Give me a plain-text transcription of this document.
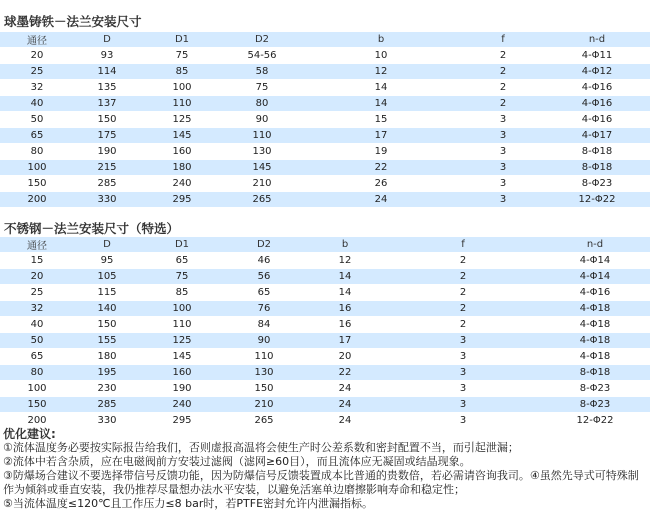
球墨铸铁－法兰安装尺寸
通径	D	D1	D2	b	f	n-d
20	93	75	54-56	10	2	4-Φ11
25	114	85	58	12	2	4-Φ12
32	135	100	75	14	2	4-Φ16
40	137	110	80	14	2	4-Φ16
50	150	125	90	15	3	4-Φ16
65	175	145	110	17	3	4-Φ17
80	190	160	130	19	3	8-Φ18
100	215	180	145	22	3	8-Φ18
150	285	240	210	26	3	8-Φ23
200	330	295	265	24	3	12-Φ22
不锈钢－法兰安装尺寸（特选）
通径	D	D1	D2	b	f	n-d
15	95	65	46	12	2	4-Φ14
20	105	75	56	14	2	4-Φ14
25	115	85	65	14	2	4-Φ16
32	140	100	76	16	2	4-Φ18
40	150	110	84	16	2	4-Φ18
50	155	125	90	17	3	4-Φ18
65	180	145	110	20	3	4-Φ18
80	195	160	130	22	3	8-Φ18
100	230	190	150	24	3	8-Φ23
150	285	240	210	24	3	8-Φ23
200	330	295	265	24	3	12-Φ22
优化建议:

①流体温度务必要按实际报告给我们，否则虚报高温将会使生产时公差系数和密封配置不当，而引起泄漏；

②流体中若含杂质，应在电磁阀前方安装过滤阀（滤网≥60目），而且流体应无凝固或结晶现象。

③防爆场合建议不要选择带信号反馈功能，因为防爆信号反馈装置成本比普通的贵数倍，若必需请咨询我司。④虽然先导式可特殊制作为倾斜或垂直安装，我仍推荐尽量想办法水平安装，以避免活塞单边磨擦影响寿命和稳定性；

⑤当流体温度≤120℃且工作压力≤8 bar时，若PTFE密封允许内泄漏指标。
